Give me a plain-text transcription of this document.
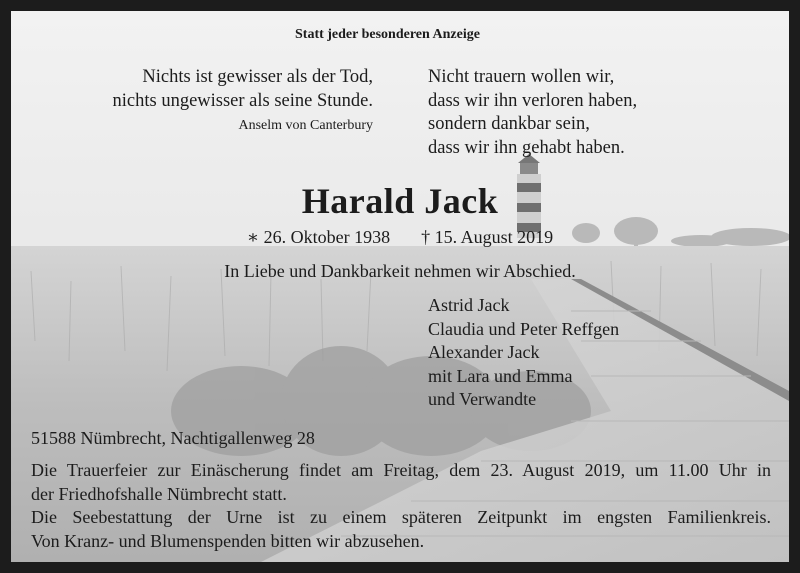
Statt jeder besonderen Anzeige
Nichts ist gewisser als der Tod,
nichts ungewisser als seine Stunde.
Anselm von Canterbury
Nicht trauern wollen wir,
dass wir ihn verloren haben,
sondern dankbar sein,
dass wir ihn gehabt haben.
Harald Jack
∗ 26. Oktober 1938 † 15. August 2019
In Liebe und Dankbarkeit nehmen wir Abschied.
Astrid Jack
Claudia und Peter Reffgen
Alexander Jack
mit Lara und Emma
und Verwandte
51588 Nümbrecht, Nachtigallenweg 28
Die Trauerfeier zur Einäscherung findet am Freitag, dem 23. August 2019, um 11.00 Uhr in
der Friedhofshalle Nümbrecht statt.
Die Seebestattung der Urne ist zu einem späteren Zeitpunkt im engsten Familienkreis.
Von Kranz- und Blumenspenden bitten wir abzusehen.
